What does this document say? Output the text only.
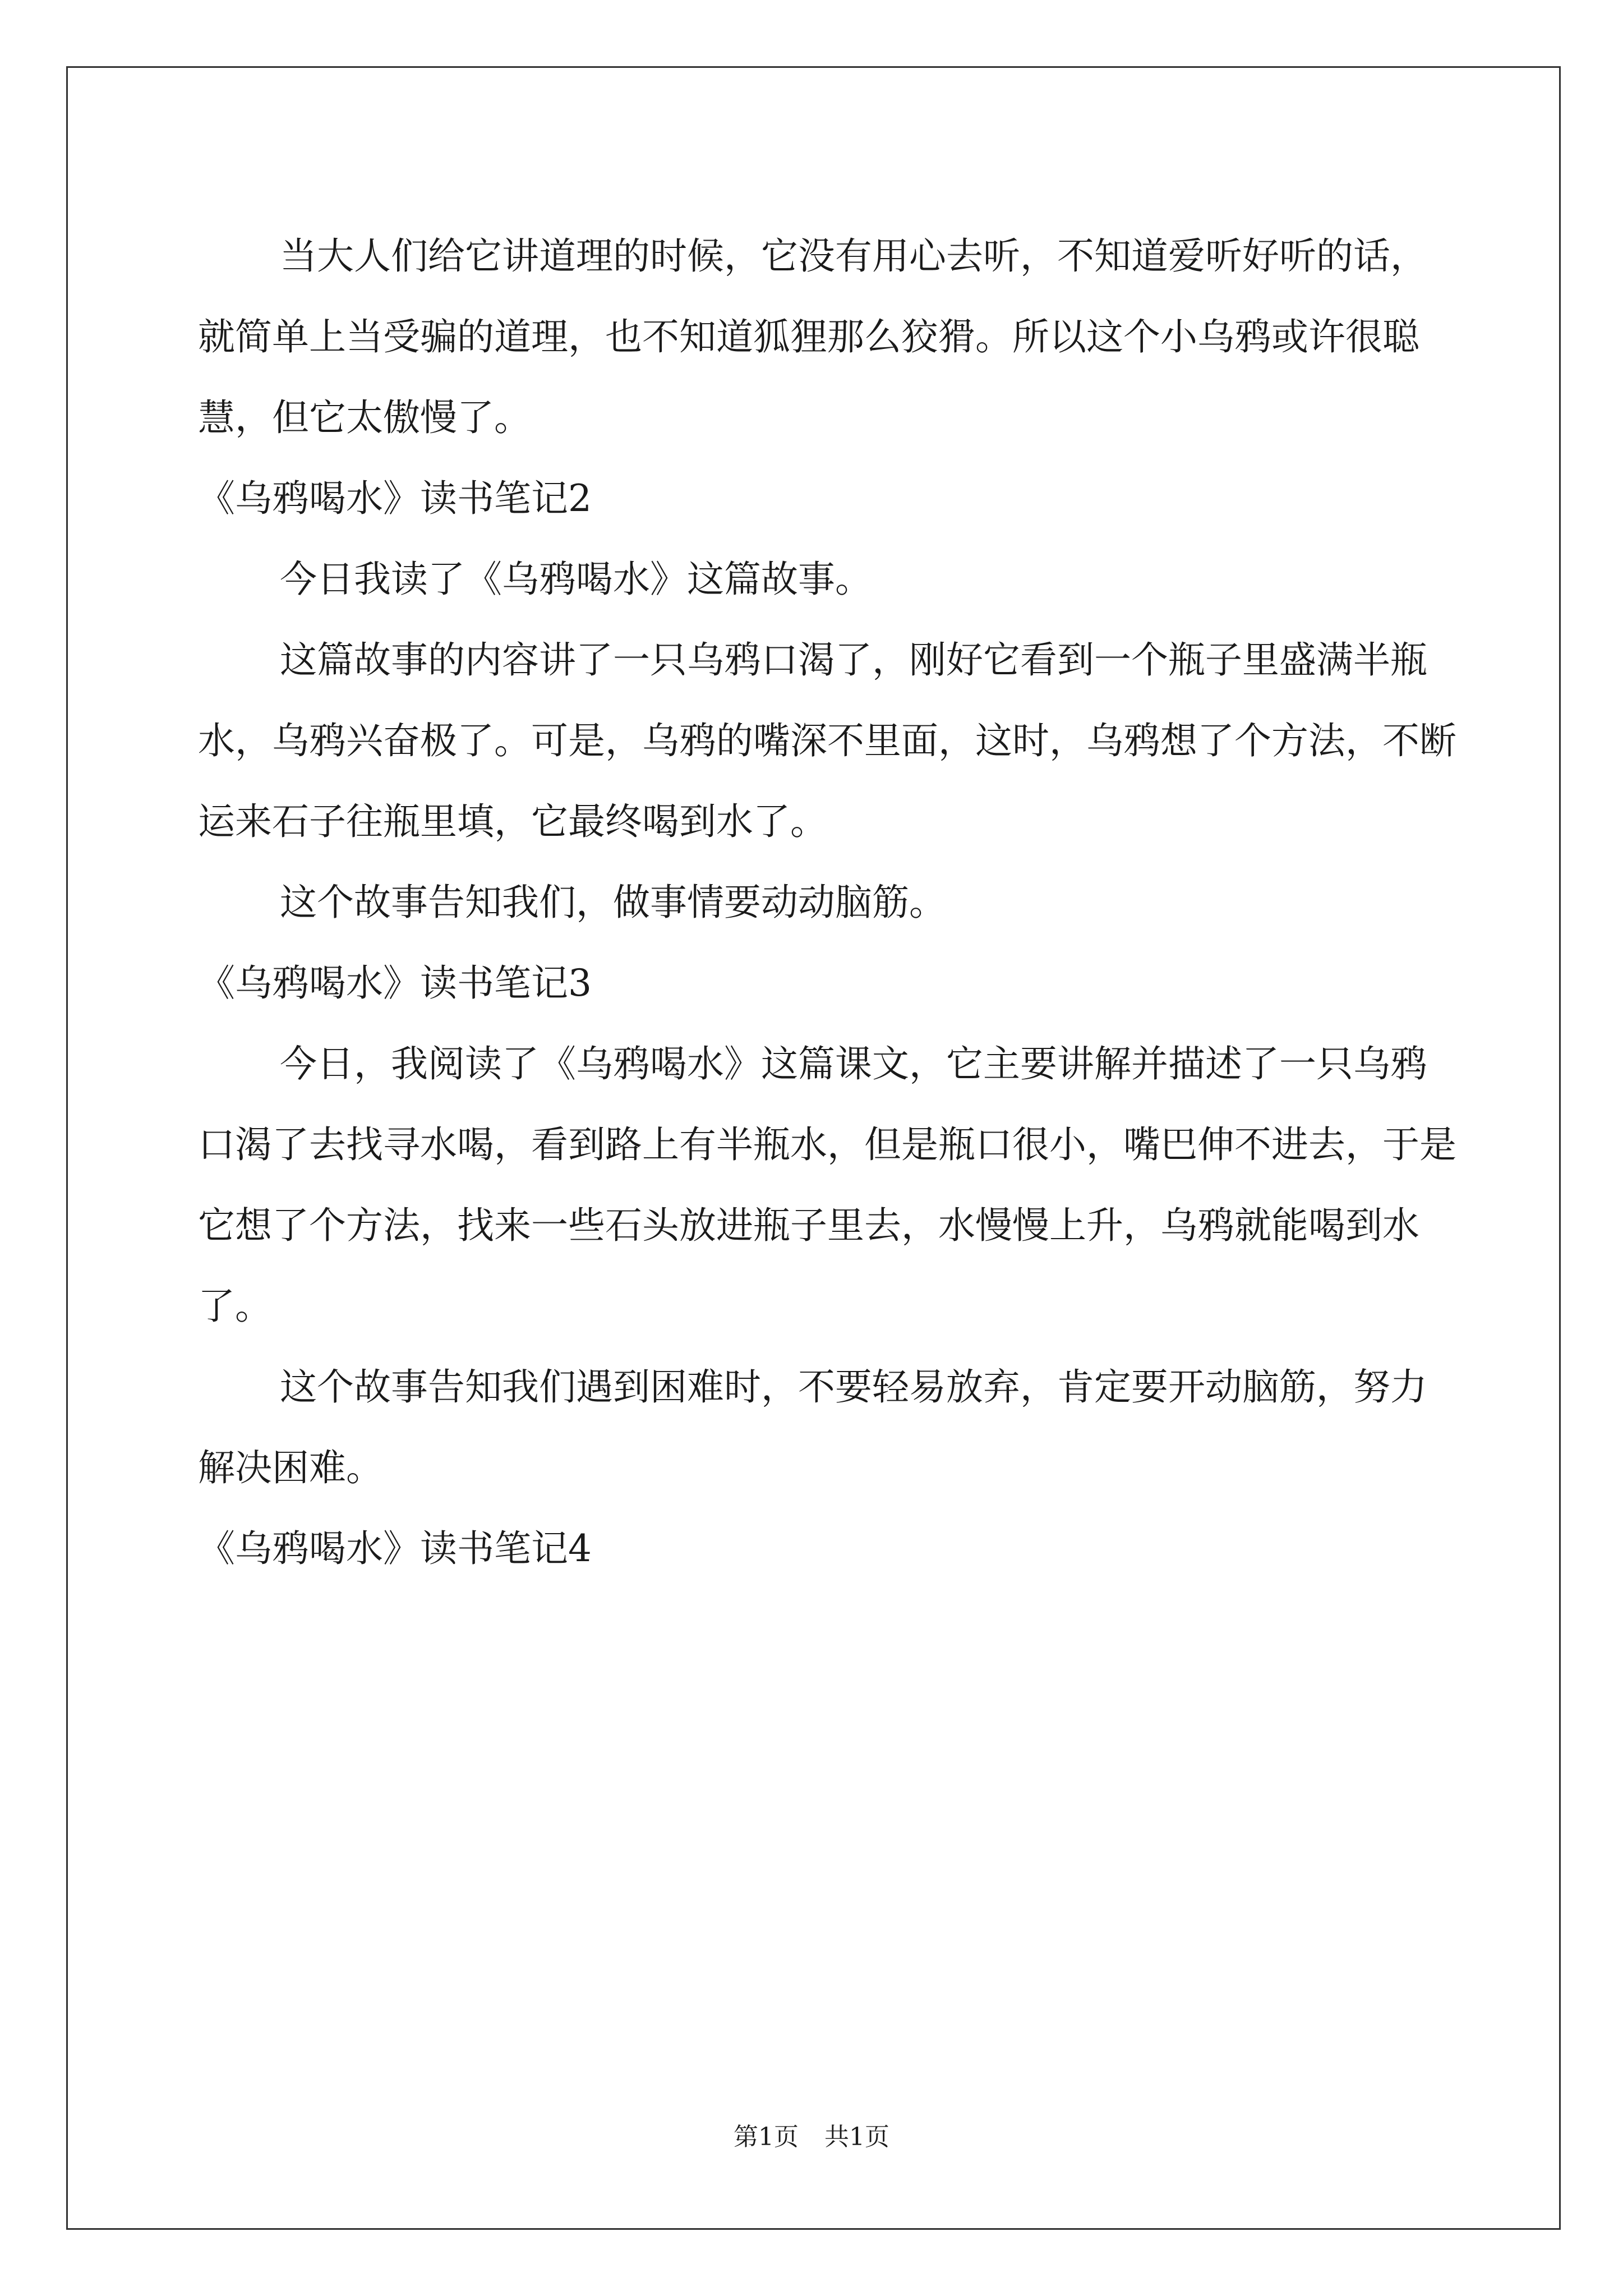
当大人们给它讲道理的时候，它没有用心去听，不知道爱听好听的话，就简单上当受骗的道理，也不知道狐狸那么狡猾。所以这个小乌鸦或许很聪慧，但它太傲慢了。

《乌鸦喝水》读书笔记2

今日我读了《乌鸦喝水》这篇故事。

这篇故事的内容讲了一只乌鸦口渴了，刚好它看到一个瓶子里盛满半瓶水，乌鸦兴奋极了。可是，乌鸦的嘴深不里面，这时，乌鸦想了个方法，不断运来石子往瓶里填，它最终喝到水了。

这个故事告知我们，做事情要动动脑筋。

《乌鸦喝水》读书笔记3

今日，我阅读了《乌鸦喝水》这篇课文，它主要讲解并描述了一只乌鸦口渴了去找寻水喝，看到路上有半瓶水，但是瓶口很小，嘴巴伸不进去，于是它想了个方法，找来一些石头放进瓶子里去，水慢慢上升，乌鸦就能喝到水了。

这个故事告知我们遇到困难时，不要轻易放弃，肯定要开动脑筋，努力解决困难。

《乌鸦喝水》读书笔记4

第1页 共1页
